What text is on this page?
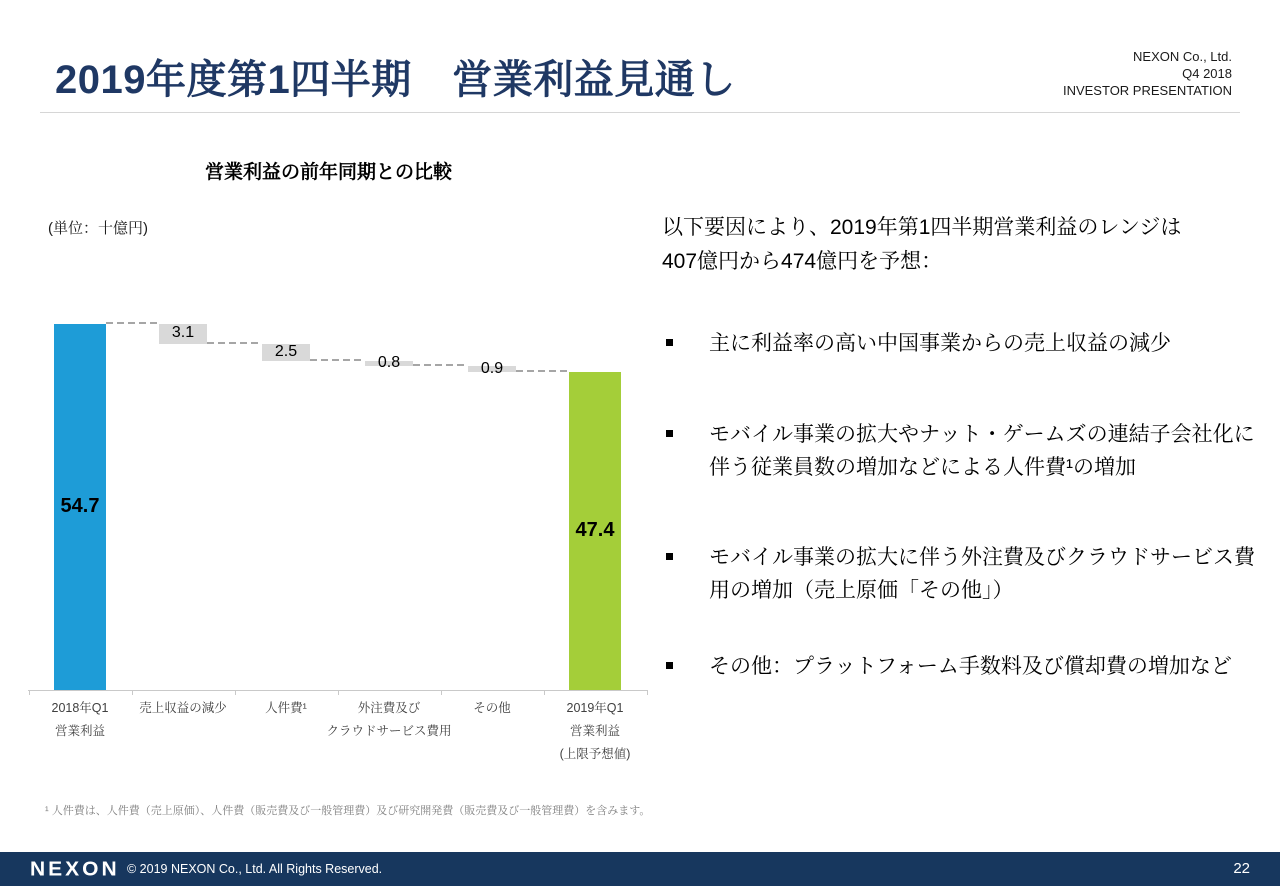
2019年度第1四半期　営業利益見通し
NEXON Co., Ltd.
Q4 2018
INVESTOR PRESENTATION
営業利益の前年同期との比較
(単位：十億円)
54.7
2018年Q1
営業利益
3.1
売上収益の減少
2.5
人件費¹
0.8
外注費及び
クラウドサービス費用
0.9
その他
47.4
2019年Q1
営業利益
(上限予想値)
以下要因により、2019年第1四半期営業利益のレンジは
407億円から474億円を予想：
主に利益率の高い中国事業からの売上収益の減少
モバイル事業の拡大やナット・ゲームズの連結子会社化に伴う従業員数の増加などによる人件費¹の増加
モバイル事業の拡大に伴う外注費及びクラウドサービス費用の増加（売上原価「その他」）
その他：プラットフォーム手数料及び償却費の増加など
¹ 人件費は、人件費（売上原価）、人件費（販売費及び一般管理費）及び研究開発費（販売費及び一般管理費）を含みます。
NEXON © 2019 NEXON Co., Ltd. All Rights Reserved.	22
